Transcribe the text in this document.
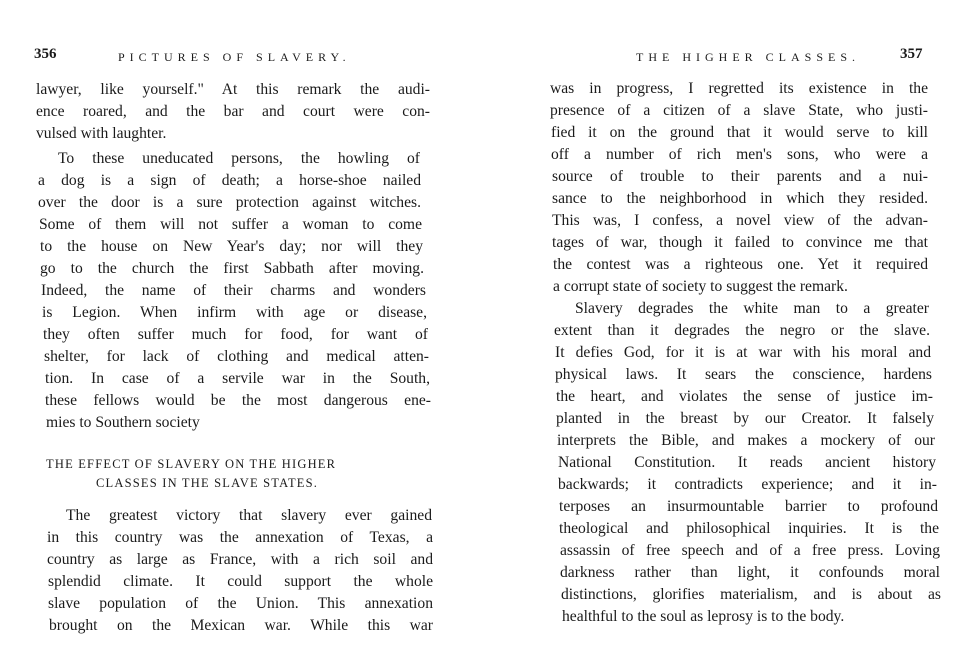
356	PICTURES OF SLAVERY.
lawyer, like yourself." At this remark the audi-
ence roared, and the bar and court were con-
vulsed with laughter.
To these uneducated persons, the howling of
a dog is a sign of death; a horse-shoe nailed
over the door is a sure protection against witches.
Some of them will not suffer a woman to come
to the house on New Year's day; nor will they
go to the church the first Sabbath after moving.
Indeed, the name of their charms and wonders
is Legion. When infirm with age or disease,
they often suffer much for food, for want of
shelter, for lack of clothing and medical atten-
tion. In case of a servile war in the South,
these fellows would be the most dangerous ene-
mies to Southern society
THE EFFECT OF SLAVERY ON THE HIGHER
CLASSES IN THE SLAVE STATES.
The greatest victory that slavery ever gained
in this country was the annexation of Texas, a
country as large as France, with a rich soil and
splendid climate. It could support the whole
slave population of the Union. This annexation
brought on the Mexican war. While this war
THE HIGHER CLASSES.	357
was in progress, I regretted its existence in the
presence of a citizen of a slave State, who justi-
fied it on the ground that it would serve to kill
off a number of rich men's sons, who were a
source of trouble to their parents and a nui-
sance to the neighborhood in which they resided.
This was, I confess, a novel view of the advan-
tages of war, though it failed to convince me that
the contest was a righteous one. Yet it required
a corrupt state of society to suggest the remark.
Slavery degrades the white man to a greater
extent than it degrades the negro or the slave.
It defies God, for it is at war with his moral and
physical laws. It sears the conscience, hardens
the heart, and violates the sense of justice im-
planted in the breast by our Creator. It falsely
interprets the Bible, and makes a mockery of our
National Constitution. It reads ancient history
backwards; it contradicts experience; and it in-
terposes an insurmountable barrier to profound
theological and philosophical inquiries. It is the
assassin of free speech and of a free press. Loving
darkness rather than light, it confounds moral
distinctions, glorifies materialism, and is about as
healthful to the soul as leprosy is to the body.
